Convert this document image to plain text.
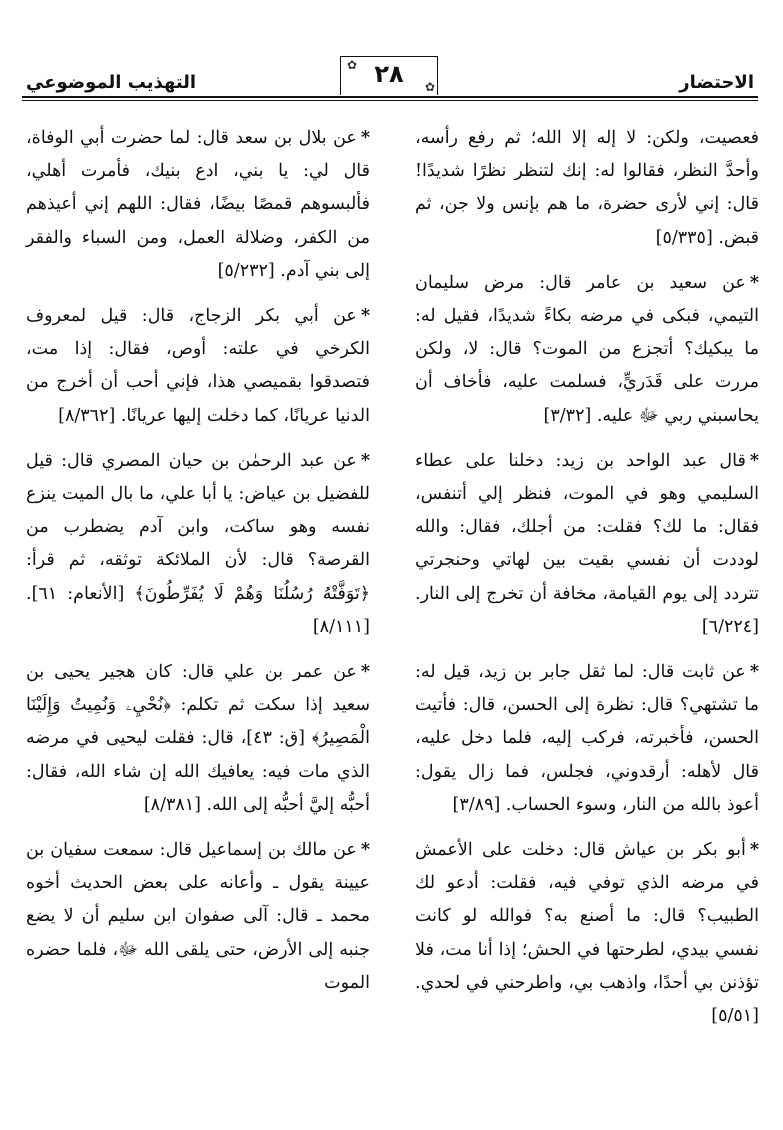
الاحتضار
التهذيب الموضوعي
✿ ٢٨	✿

فعصيت، ولكن: لا إله إلا الله؛ ثم رفع رأسه، وأحدَّ النظر، فقالوا له: إنك لتنظر نظرًا شديدًا! قال: إني لأرى حضرة، ما هم بإنس ولا جن، ثم قبض. [٥/٣٣٥]

*عن سعيد بن عامر قال: مرض سليمان التيمي، فبكى في مرضه بكاءً شديدًا، فقيل له: ما يبكيك؟ أتجزع من الموت؟ قال: لا، ولكن مررت على قَدَريٍّ، فسلمت عليه، فأخاف أن يحاسبني ربي ﷻ عليه. [٣/٣٢]

*قال عبد الواحد بن زيد: دخلنا على عطاء السليمي وهو في الموت، فنظر إلي أتنفس، فقال: ما لك؟ فقلت: من أجلك، فقال: والله لوددت أن نفسي بقيت بين لهاتي وحنجرتي تتردد إلى يوم القيامة، مخافة أن تخرج إلى النار. [٦/٢٢٤]

*عن ثابت قال: لما ثقل جابر بن زيد، قيل له: ما تشتهي؟ قال: نظرة إلى الحسن، قال: فأتيت الحسن، فأخبرته، فركب إليه، فلما دخل عليه، قال لأهله: أرقدوني، فجلس، فما زال يقول: أعوذ بالله من النار، وسوء الحساب. [٣/٨٩]

*أبو بكر بن عياش قال: دخلت على الأعمش في مرضه الذي توفي فيه، فقلت: أدعو لك الطبيب؟ قال: ما أصنع به؟ فوالله لو كانت نفسي بيدي، لطرحتها في الحش؛ إذا أنا مت، فلا تؤذنن بي أحدًا، واذهب بي، واطرحني في لحدي. [٥/٥١]

*عن بلال بن سعد قال: لما حضرت أبي الوفاة، قال لي: يا بني، ادع بنيك، فأمرت أهلي، فألبسوهم قمصًا بيضًا، فقال: اللهم إني أعيذهم من الكفر، وضلالة العمل، ومن السباء والفقر إلى بني آدم. [٥/٢٣٢]

*عن أبي بكر الزجاج، قال: قيل لمعروف الكرخي في علته: أوص، فقال: إذا مت، فتصدقوا بقميصي هذا، فإني أحب أن أخرج من الدنيا عريانًا، كما دخلت إليها عريانًا. [٨/٣٦٢]

*عن عبد الرحمٰن بن حيان المصري قال: قيل للفضيل بن عياض: يا أبا علي، ما بال الميت ينزع نفسه وهو ساكت، وابن آدم يضطرب من القرصة؟ قال: لأن الملائكة توثقه، ثم قرأ: ﴿تَوَفَّتْهُ رُسُلُنَا وَهُمْ لَا يُفَرِّطُونَ﴾ [الأنعام: ٦١]. [٨/١١١]

*عن عمر بن علي قال: كان هجير يحيى بن سعيد إذا سكت ثم تكلم: ﴿نُحْيِۦ وَنُمِيتُ وَإِلَيْنَا الْمَصِيرُ﴾ [ق: ٤٣]، قال: فقلت ليحيى في مرضه الذي مات فيه: يعافيك الله إن شاء الله، فقال: أحبُّه إليَّ أحبُّه إلى الله. [٨/٣٨١]

*عن مالك بن إسماعيل قال: سمعت سفيان بن عيينة يقول ـ وأعانه على بعض الحديث أخوه محمد ـ قال: آلى صفوان ابن سليم أن لا يضع جنبه إلى الأرض، حتى يلقى الله ﷻ، فلما حضره الموت
